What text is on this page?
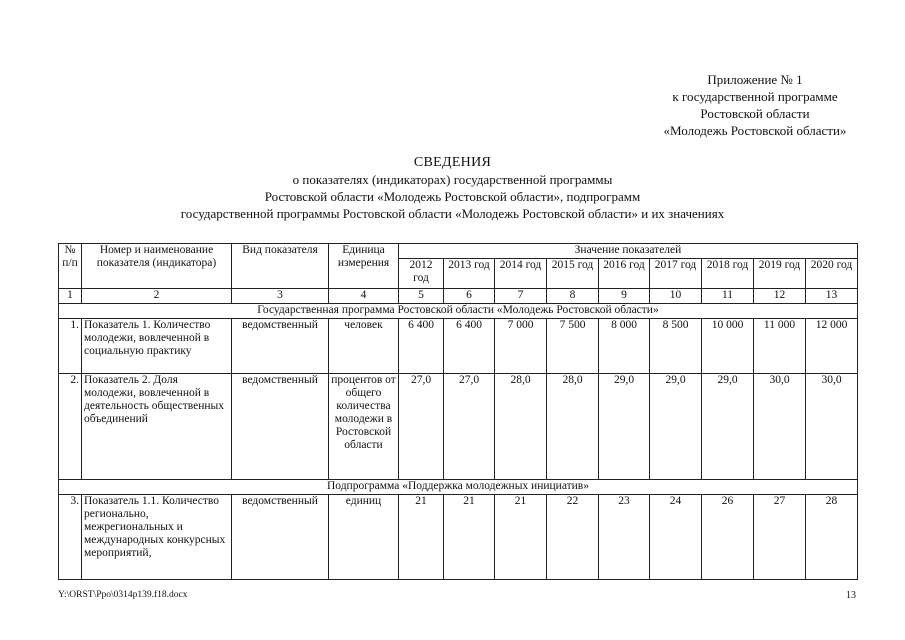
Приложение № 1
к государственной программе
Ростовской области
«Молодежь Ростовской области»
СВЕДЕНИЯ
о показателях (индикаторах) государственной программы
Ростовской области «Молодежь Ростовской области», подпрограмм
государственной программы Ростовской области «Молодежь Ростовской области» и их значениях
№ п/п	Номер и наименование показателя (индикатора)	Вид показателя	Единица измерения	Значение показателей								
				2012 год	2013 год	2014 год	2015 год	2016 год	2017 год	2018 год	2019 год	2020 год
1	2	3	4	5	6	7	8	9	10	11	12	13
Государственная программа Ростовской области «Молодежь Ростовской области»												
1.	Показатель 1. Количество молодежи, вовлеченной в социальную практику	ведомственный	человек	6 400	6 400	7 000	7 500	8 000	8 500	10 000	11 000	12 000
2.	Показатель 2. Доля молодежи, вовлеченной в деятельность общественных объединений	ведомственный	процентов от общего количества молодежи в Ростовской области	27,0	27,0	28,0	28,0	29,0	29,0	29,0	30,0	30,0
Подпрограмма «Поддержка молодежных инициатив»												
3.	Показатель 1.1. Количество регионально, межрегиональных и международных конкурсных мероприятий,	ведомственный	единиц	21	21	21	22	23	24	26	27	28
Y:\ORST\Ppo\0314p139.f18.docx	13
